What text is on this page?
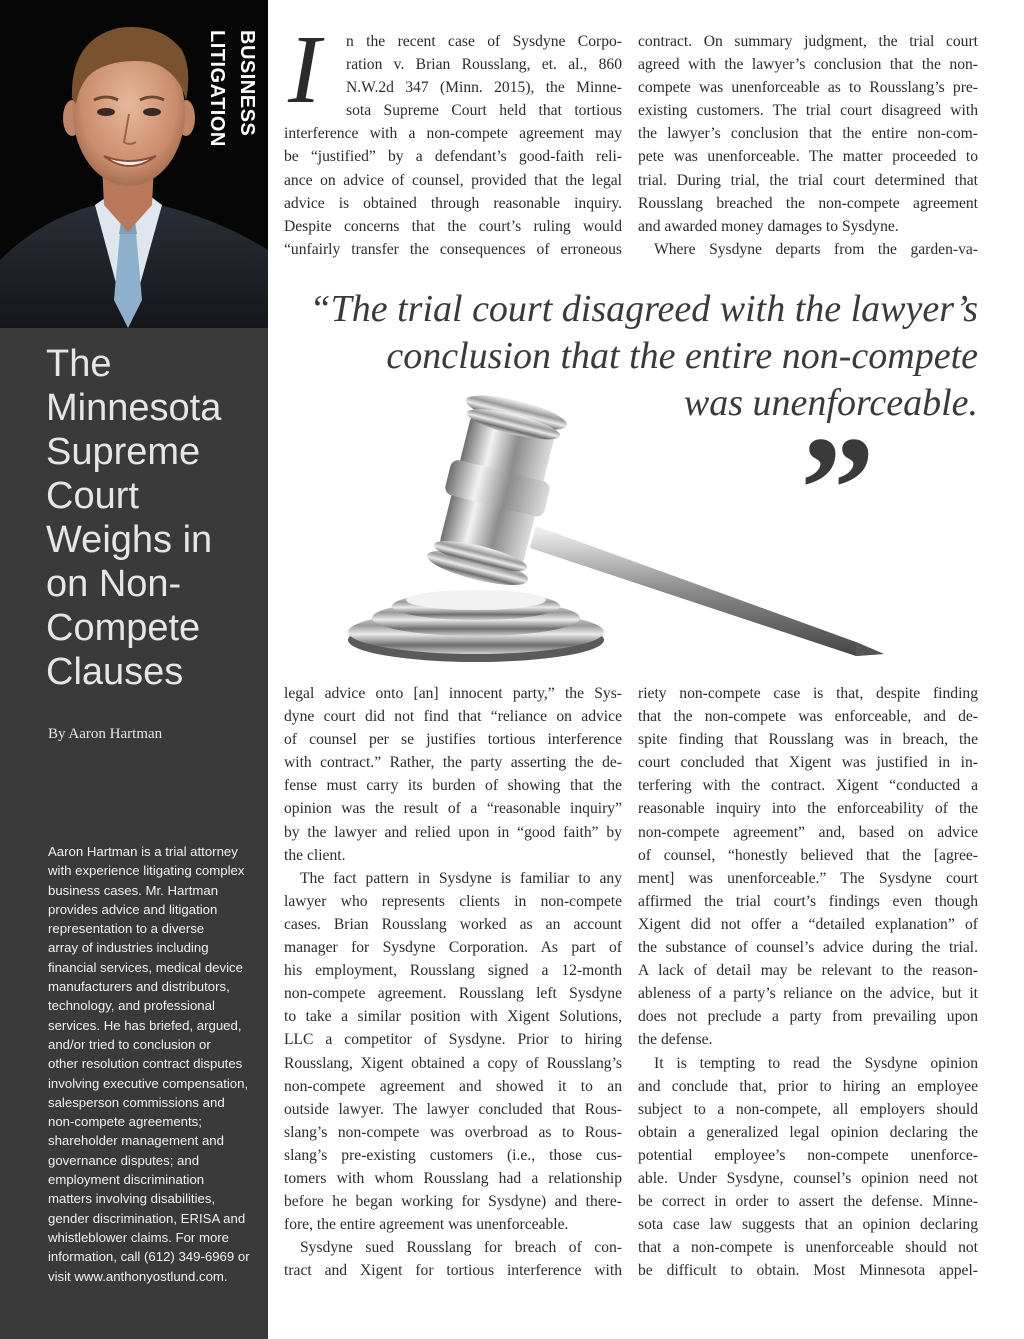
BUSINESS LITIGATION
The
Minnesota
Supreme
Court
Weighs in
on Non-
Compete
Clauses
By Aaron Hartman
Aaron Hartman is a trial attorney
with experience litigating complex
business cases. Mr. Hartman
provides advice and litigation
representation to a diverse
array of industries including
financial services, medical device
manufacturers and distributors,
technology, and professional
services. He has briefed, argued,
and/or tried to conclusion or
other resolution contract disputes
involving executive compensation,
salesperson commissions and
non-compete agreements;
shareholder management and
governance disputes; and
employment discrimination
matters involving disabilities,
gender discrimination, ERISA and
whistleblower claims. For more
information, call (612) 349-6969 or
visit www.anthonyostlund.com.
“The trial court disagreed with the lawyer’s
conclusion that the entire non-compete
was unenforceable.
”
I	n the recent case of Sysdyne Corpo-
ration v. Brian Rousslang, et. al., 860
N.W.2d 347 (Minn. 2015), the Minne-
sota Supreme Court held that tortious
interference with a non-compete agreement may
be “justified” by a defendant’s good-faith reli-
ance on advice of counsel, provided that the legal
advice is obtained through reasonable inquiry.
Despite concerns that the court’s ruling would
“unfairly transfer the consequences of erroneous
contract. On summary judgment, the trial court
agreed with the lawyer’s conclusion that the non-
compete was unenforceable as to Rousslang’s pre-
existing customers. The trial court disagreed with
the lawyer’s conclusion that the entire non-com-
pete was unenforceable. The matter proceeded to
trial. During trial, the trial court determined that
Rousslang breached the non-compete agreement
and awarded money damages to Sysdyne.
Where Sysdyne departs from the garden-va-
legal advice onto [an] innocent party,” the Sys-
dyne court did not find that “reliance on advice
of counsel per se justifies tortious interference
with contract.” Rather, the party asserting the de-
fense must carry its burden of showing that the
opinion was the result of a “reasonable inquiry”
by the lawyer and relied upon in “good faith” by
the client.
The fact pattern in Sysdyne is familiar to any
lawyer who represents clients in non-compete
cases. Brian Rousslang worked as an account
manager for Sysdyne Corporation. As part of
his employment, Rousslang signed a 12-month
non-compete agreement. Rousslang left Sysdyne
to take a similar position with Xigent Solutions,
LLC a competitor of Sysdyne. Prior to hiring
Rousslang, Xigent obtained a copy of Rousslang’s
non-compete agreement and showed it to an
outside lawyer. The lawyer concluded that Rous-
slang’s non-compete was overbroad as to Rous-
slang’s pre-existing customers (i.e., those cus-
tomers with whom Rousslang had a relationship
before he began working for Sysdyne) and there-
fore, the entire agreement was unenforceable.
Sysdyne sued Rousslang for breach of con-
tract and Xigent for tortious interference with
riety non-compete case is that, despite finding
that the non-compete was enforceable, and de-
spite finding that Rousslang was in breach, the
court concluded that Xigent was justified in in-
terfering with the contract. Xigent “conducted a
reasonable inquiry into the enforceability of the
non-compete agreement” and, based on advice
of counsel, “honestly believed that the [agree-
ment] was unenforceable.” The Sysdyne court
affirmed the trial court’s findings even though
Xigent did not offer a “detailed explanation” of
the substance of counsel’s advice during the trial.
A lack of detail may be relevant to the reason-
ableness of a party’s reliance on the advice, but it
does not preclude a party from prevailing upon
the defense.
It is tempting to read the Sysdyne opinion
and conclude that, prior to hiring an employee
subject to a non-compete, all employers should
obtain a generalized legal opinion declaring the
potential employee’s non-compete unenforce-
able. Under Sysdyne, counsel’s opinion need not
be correct in order to assert the defense. Minne-
sota case law suggests that an opinion declaring
that a non-compete is unenforceable should not
be difficult to obtain. Most Minnesota appel-
